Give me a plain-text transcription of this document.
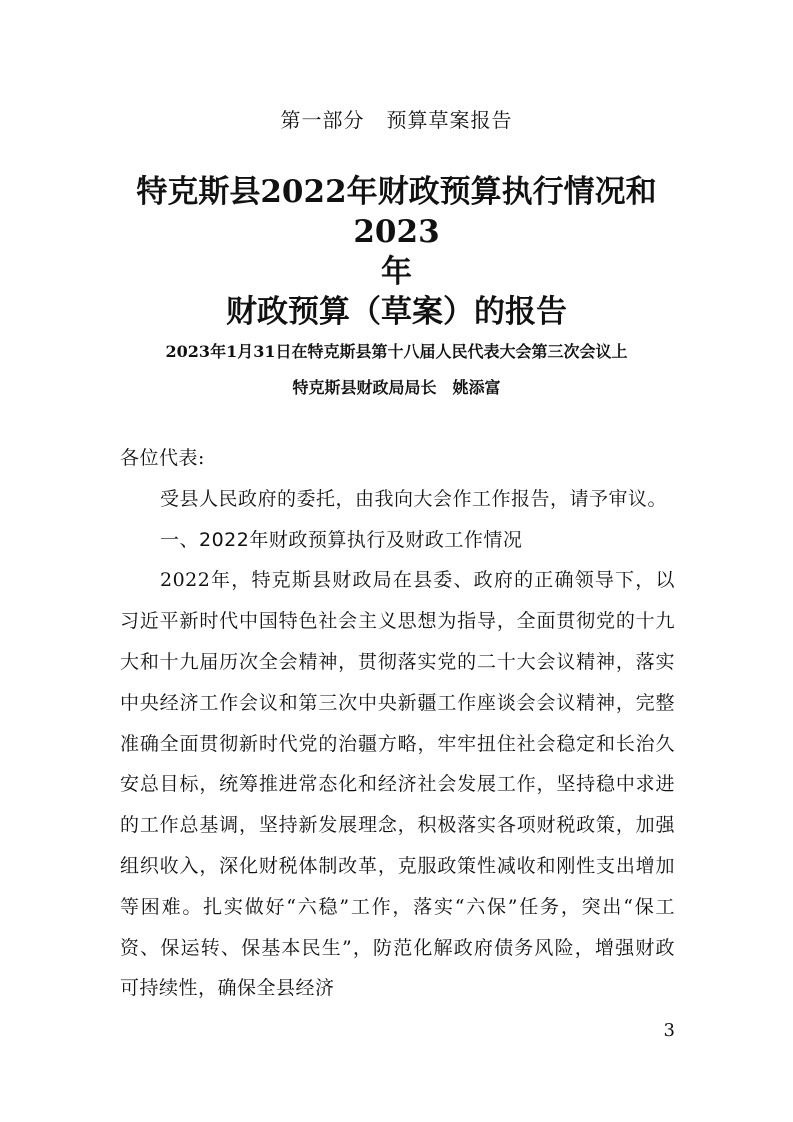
第一部分 预算草案报告
特克斯县2022年财政预算执行情况和2023
年
财政预算（草案）的报告
2023年1月31日在特克斯县第十八届人民代表大会第三次会议上
特克斯县财政局局长 姚添富

各位代表:

受县人民政府的委托，由我向大会作工作报告，请予审议。

一、2022年财政预算执行及财政工作情况

2022年，特克斯县财政局在县委、政府的正确领导下，以习近平新时代中国特色社会主义思想为指导，全面贯彻党的十九大和十九届历次全会精神，贯彻落实党的二十大会议精神，落实中央经济工作会议和第三次中央新疆工作座谈会会议精神，完整准确全面贯彻新时代党的治疆方略，牢牢扭住社会稳定和长治久安总目标，统筹推进常态化和经济社会发展工作，坚持稳中求进的工作总基调，坚持新发展理念，积极落实各项财税政策，加强组织收入，深化财税体制改革，克服政策性减收和刚性支出增加等困难。扎实做好“六稳”工作，落实“六保”任务，突出“保工资、保运转、保基本民生”，防范化解政府债务风险，增强财政可持续性，确保全县经济

3
